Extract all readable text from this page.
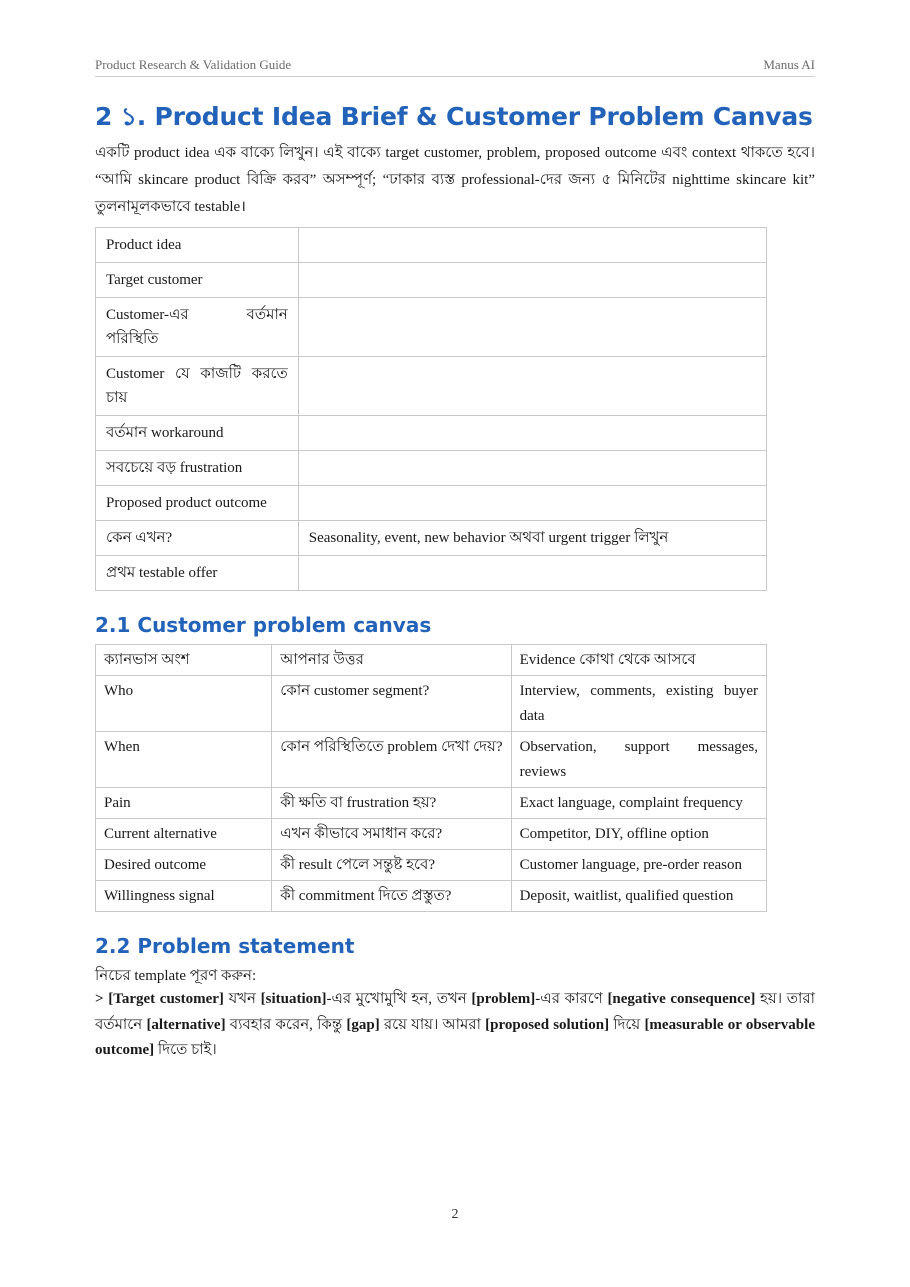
Product Research & Validation Guide	Manus AI
2 ১. Product Idea Brief & Customer Problem Canvas

একটি product idea এক বাক্যে লিখুন। এই বাক্যে target customer, problem, proposed outcome এবং context থাকতে হবে। “আমি skincare product বিক্রি করব” অসম্পূর্ণ; “ঢাকার ব্যস্ত professional-দের জন্য ৫ মিনিটের nighttime skincare kit” তুলনামূলকভাবে testable।

Product idea	
Target customer	
Customer-এর বর্তমান পরিস্থিতি	
Customer যে কাজটি করতে চায়	
বর্তমান workaround	
সবচেয়ে বড় frustration	
Proposed product outcome	
কেন এখন?	Seasonality, event, new behavior অথবা urgent trigger লিখুন
প্রথম testable offer	
2.1 Customer problem canvas
ক্যানভাস অংশ	আপনার উত্তর	Evidence কোথা থেকে আসবে
Who	কোন customer segment?	Interview, comments, existing buyer data
When	কোন পরিস্থিতিতে problem দেখা দেয়?	Observation, support messages, reviews
Pain	কী ক্ষতি বা frustration হয়?	Exact language, complaint frequency
Current alternative	এখন কীভাবে সমাধান করে?	Competitor, DIY, offline option
Desired outcome	কী result পেলে সন্তুষ্ট হবে?	Customer language, pre-order reason
Willingness signal	কী commitment দিতে প্রস্তুত?	Deposit, waitlist, qualified question
2.2 Problem statement

নিচের template পূরণ করুন:

> [Target customer] যখন [situation]-এর মুখোমুখি হন, তখন [problem]-এর কারণে [negative consequence] হয়। তারা বর্তমানে [alternative] ব্যবহার করেন, কিন্তু [gap] রয়ে যায়। আমরা [proposed solution] দিয়ে [measurable or observable outcome] দিতে চাই।

2
